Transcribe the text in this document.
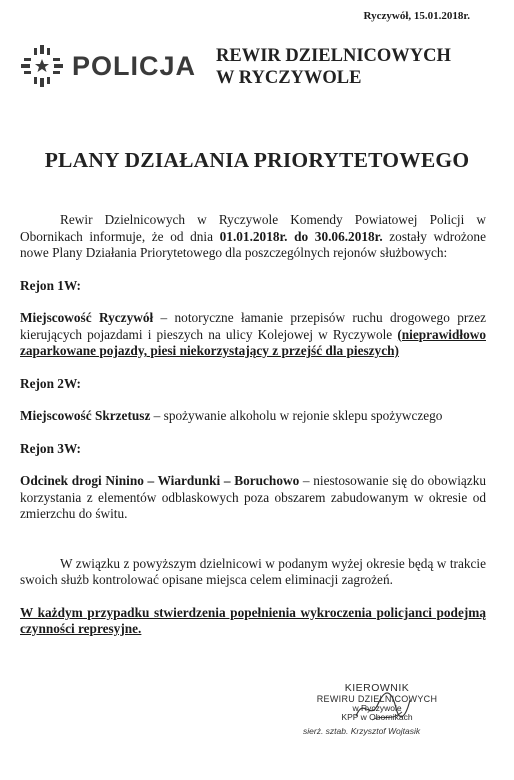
Ryczywół, 15.01.2018r.
POLICJA REWIR DZIELNICOWYCH
W RYCZYWOLE
PLANY DZIAŁANIA PRIORYTETOWEGO

Rewir Dzielnicowych w Ryczywole Komendy Powiatowej Policji w Obornikach informuje, że od dnia 01.01.2018r. do 30.06.2018r. zostały wdrożone nowe Plany Działania Priorytetowego dla poszczególnych rejonów służbowych:

Rejon 1W:

Miejscowość Ryczywół – notoryczne łamanie przepisów ruchu drogowego przez kierujących pojazdami i pieszych na ulicy Kolejowej w Ryczywole (nieprawidłowo zaparkowane pojazdy, piesi niekorzystający z przejść dla pieszych)

Rejon 2W:

Miejscowość Skrzetusz – spożywanie alkoholu w rejonie sklepu spożywczego

Rejon 3W:

Odcinek drogi Ninino – Wiardunki – Boruchowo – niestosowanie się do obowiązku korzystania z elementów odblaskowych poza obszarem zabudowanym w okresie od zmierzchu do świtu.

W związku z powyższym dzielnicowi w podanym wyżej okresie będą w trakcie swoich służb kontrolować opisane miejsca celem eliminacji zagrożeń.

W każdym przypadku stwierdzenia popełnienia wykroczenia policjanci podejmą czynności represyjne.

KIEROWNIK
REWIRU DZIELNICOWYCH
w Ryczywole
KPP w Obornikach
sierż. sztab. Krzysztof Wojtasik
